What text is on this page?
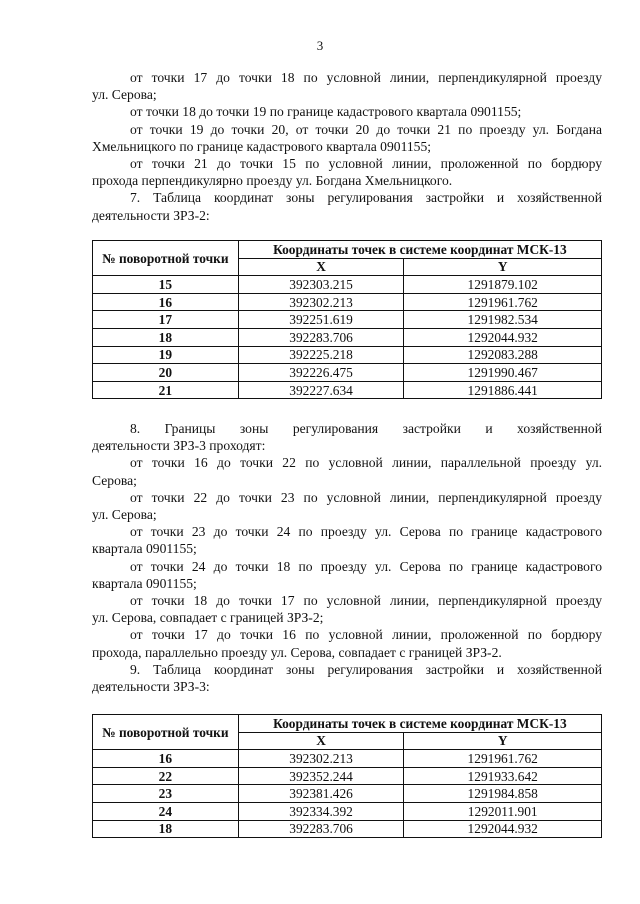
3
от точки 17 до точки 18 по условной линии, перпендикулярной проезду
ул. Серова;
от точки 18 до точки 19 по границе кадастрового квартала 0901155;
от точки 19 до точки 20, от точки 20 до точки 21 по проезду ул. Богдана
Хмельницкого по границе кадастрового квартала 0901155;
от точки 21 до точки 15 по условной линии, проложенной по бордюру
прохода перпендикулярно проезду ул. Богдана Хмельницкого.
7. Таблица координат зоны регулирования застройки и хозяйственной
деятельности ЗРЗ-2:
№ поворотной точки	Координаты точек в системе координат МСК-13	
	X	Y
15	392303.215	1291879.102
16	392302.213	1291961.762
17	392251.619	1291982.534
18	392283.706	1292044.932
19	392225.218	1292083.288
20	392226.475	1291990.467
21	392227.634	1291886.441
8. Границы зоны регулирования застройки и хозяйственной
деятельности ЗРЗ-3 проходят:
от точки 16 до точки 22 по условной линии, параллельной проезду ул.
Серова;
от точки 22 до точки 23 по условной линии, перпендикулярной проезду
ул. Серова;
от точки 23 до точки 24 по проезду ул. Серова по границе кадастрового
квартала 0901155;
от точки 24 до точки 18 по проезду ул. Серова по границе кадастрового
квартала 0901155;
от точки 18 до точки 17 по условной линии, перпендикулярной проезду
ул. Серова, совпадает с границей ЗРЗ-2;
от точки 17 до точки 16 по условной линии, проложенной по бордюру
прохода, параллельно проезду ул. Серова, совпадает с границей ЗРЗ-2.
9. Таблица координат зоны регулирования застройки и хозяйственной
деятельности ЗРЗ-3:
№ поворотной точки	Координаты точек в системе координат МСК-13	
	X	Y
16	392302.213	1291961.762
22	392352.244	1291933.642
23	392381.426	1291984.858
24	392334.392	1292011.901
18	392283.706	1292044.932
